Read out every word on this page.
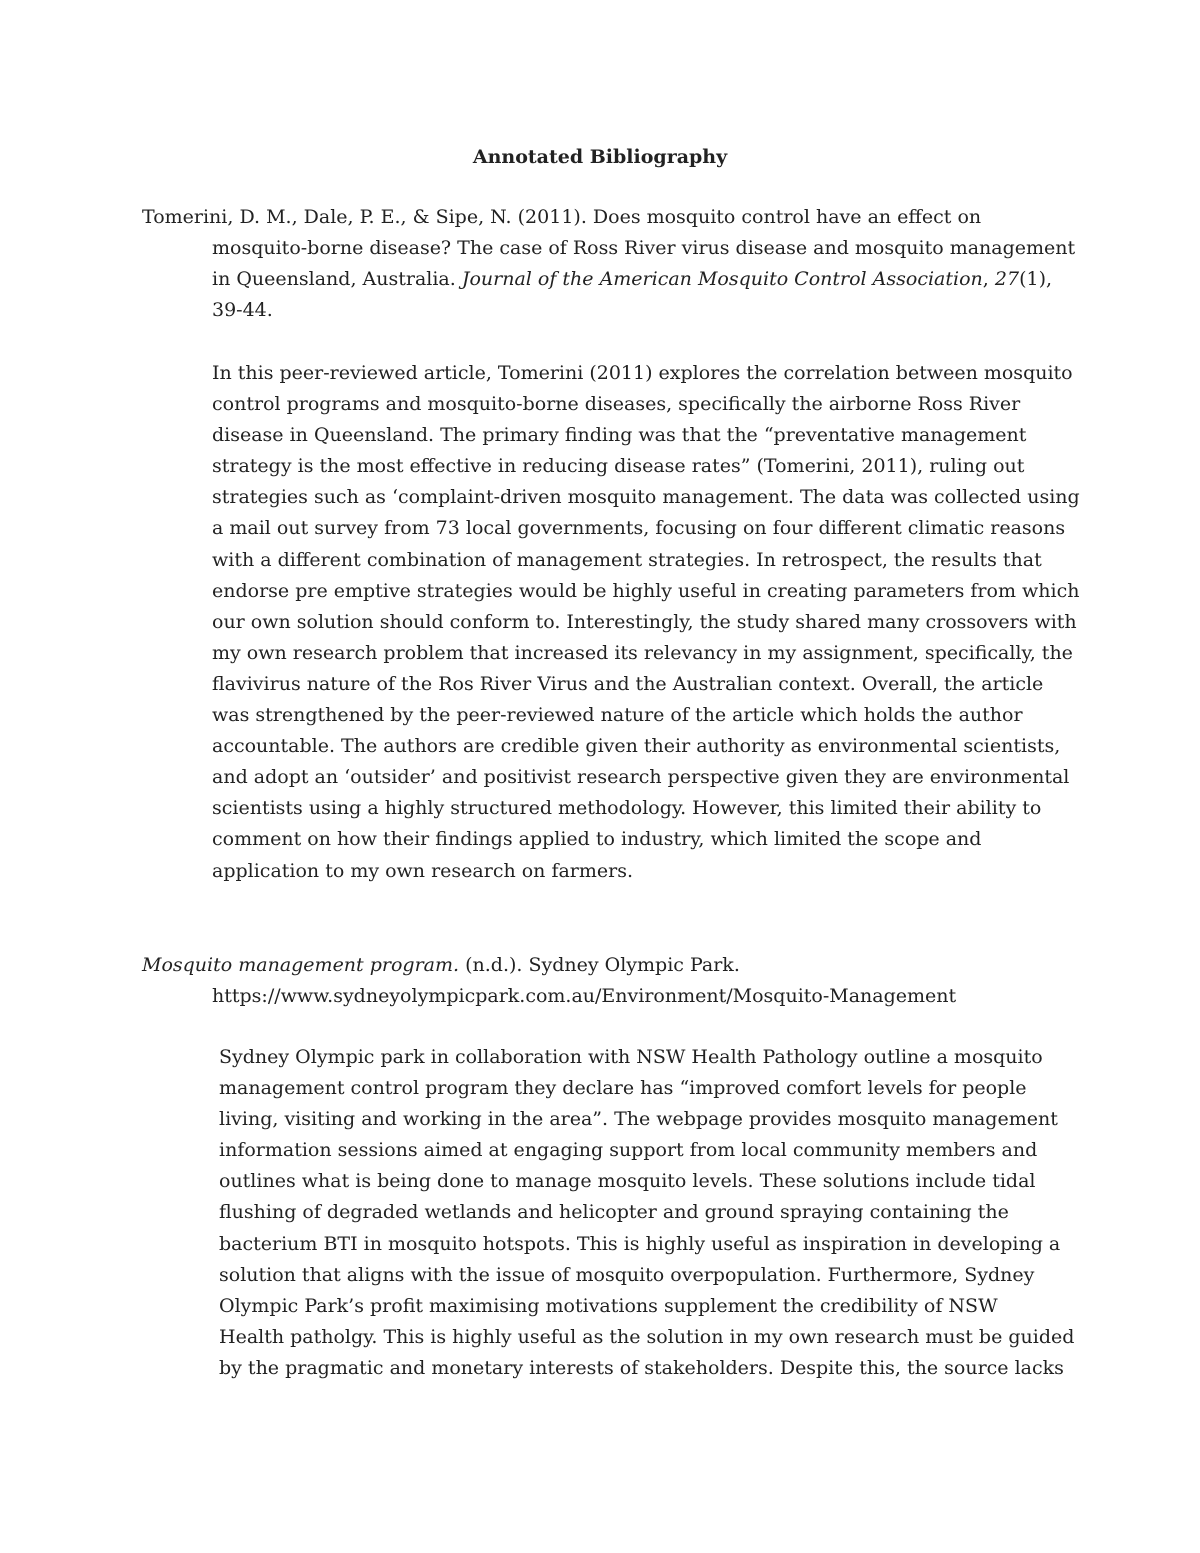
Annotated Bibliography

Tomerini, D. M., Dale, P. E., & Sipe, N. (2011). Does mosquito control have an effect on
mosquito-borne disease? The case of Ross River virus disease and mosquito management
in Queensland, Australia. Journal of the American Mosquito Control Association, 27(1),
39-44.

In this peer-reviewed article, Tomerini (2011) explores the correlation between mosquito
control programs and mosquito-borne diseases, specifically the airborne Ross River
disease in Queensland. The primary finding was that the “preventative management
strategy is the most effective in reducing disease rates” (Tomerini, 2011), ruling out
strategies such as ‘complaint-driven mosquito management. The data was collected using
a mail out survey from 73 local governments, focusing on four different climatic reasons
with a different combination of management strategies. In retrospect, the results that
endorse pre emptive strategies would be highly useful in creating parameters from which
our own solution should conform to. Interestingly, the study shared many crossovers with
my own research problem that increased its relevancy in my assignment, specifically, the
flavivirus nature of the Ros River Virus and the Australian context. Overall, the article
was strengthened by the peer-reviewed nature of the article which holds the author
accountable. The authors are credible given their authority as environmental scientists,
and adopt an ‘outsider’ and positivist research perspective given they are environmental
scientists using a highly structured methodology. However, this limited their ability to
comment on how their findings applied to industry, which limited the scope and
application to my own research on farmers.

Mosquito management program. (n.d.). Sydney Olympic Park.
https://www.sydneyolympicpark.com.au/Environment/Mosquito-Management

Sydney Olympic park in collaboration with NSW Health Pathology outline a mosquito
management control program they declare has “improved comfort levels for people
living, visiting and working in the area”. The webpage provides mosquito management
information sessions aimed at engaging support from local community members and
outlines what is being done to manage mosquito levels. These solutions include tidal
flushing of degraded wetlands and helicopter and ground spraying containing the
bacterium BTI in mosquito hotspots. This is highly useful as inspiration in developing a
solution that aligns with the issue of mosquito overpopulation. Furthermore, Sydney
Olympic Park’s profit maximising motivations supplement the credibility of NSW
Health patholgy. This is highly useful as the solution in my own research must be guided
by the pragmatic and monetary interests of stakeholders. Despite this, the source lacks
